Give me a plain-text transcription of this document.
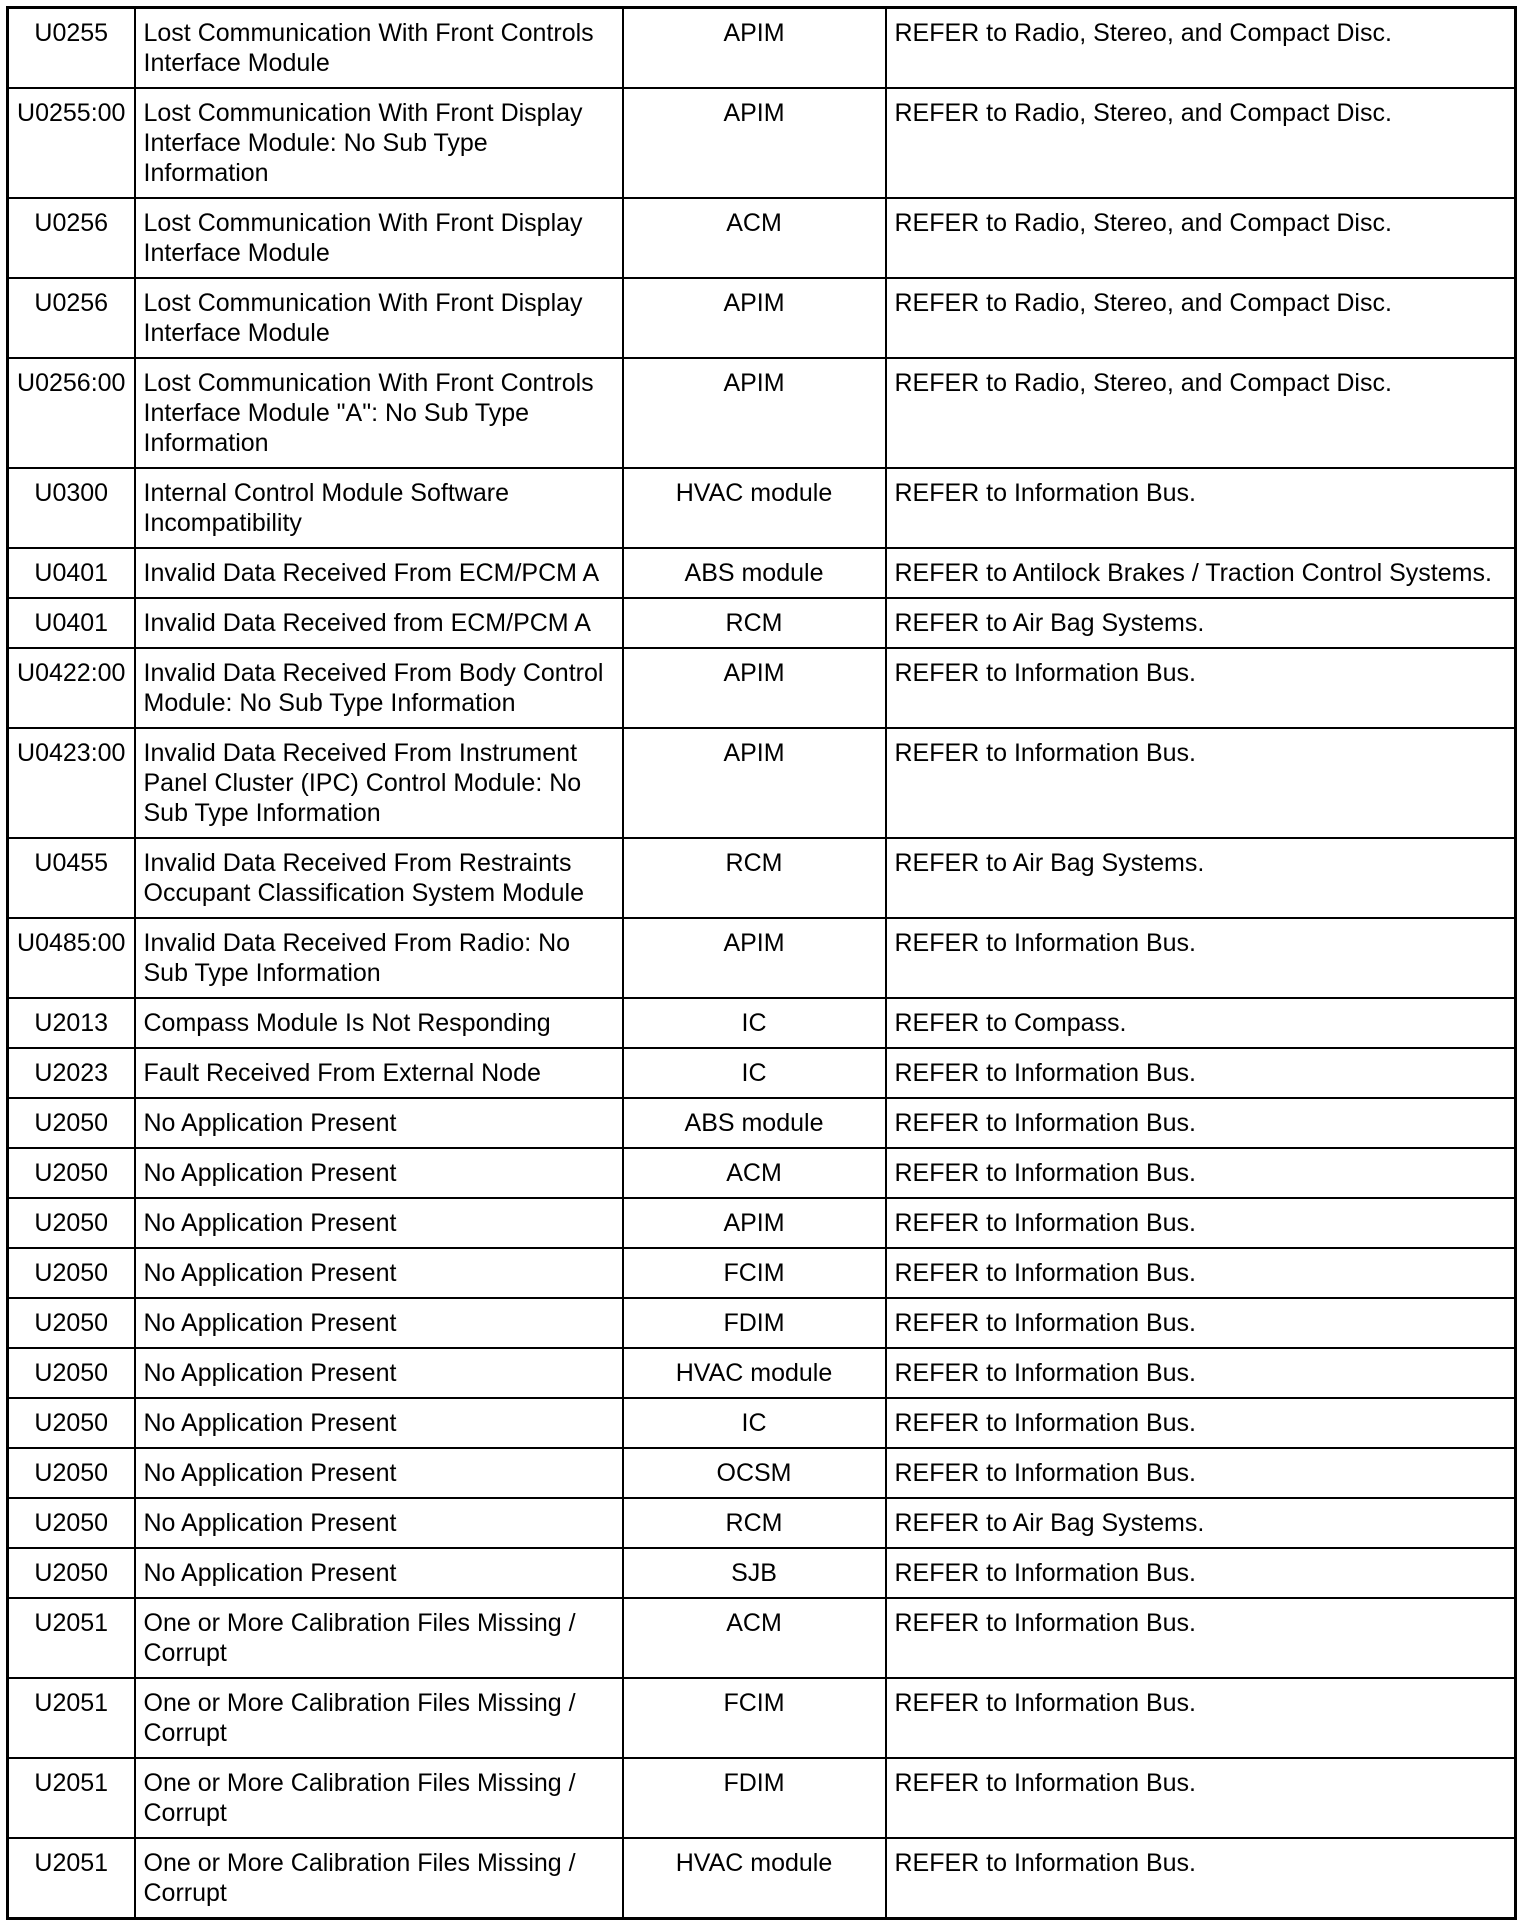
U0255	Lost Communication With Front Controls Interface Module	APIM	REFER to Radio, Stereo, and Compact Disc.
U0255:00	Lost Communication With Front Display Interface Module: No Sub Type Information	APIM	REFER to Radio, Stereo, and Compact Disc.
U0256	Lost Communication With Front Display Interface Module	ACM	REFER to Radio, Stereo, and Compact Disc.
U0256	Lost Communication With Front Display Interface Module	APIM	REFER to Radio, Stereo, and Compact Disc.
U0256:00	Lost Communication With Front Controls Interface Module "A": No Sub Type Information	APIM	REFER to Radio, Stereo, and Compact Disc.
U0300	Internal Control Module Software Incompatibility	HVAC module	REFER to Information Bus.
U0401	Invalid Data Received From ECM/PCM A	ABS module	REFER to Antilock Brakes / Traction Control Systems.
U0401	Invalid Data Received from ECM/PCM A	RCM	REFER to Air Bag Systems.
U0422:00	Invalid Data Received From Body Control Module: No Sub Type Information	APIM	REFER to Information Bus.
U0423:00	Invalid Data Received From Instrument Panel Cluster (IPC) Control Module: No Sub Type Information	APIM	REFER to Information Bus.
U0455	Invalid Data Received From Restraints Occupant Classification System Module	RCM	REFER to Air Bag Systems.
U0485:00	Invalid Data Received From Radio: No Sub Type Information	APIM	REFER to Information Bus.
U2013	Compass Module Is Not Responding	IC	REFER to Compass.
U2023	Fault Received From External Node	IC	REFER to Information Bus.
U2050	No Application Present	ABS module	REFER to Information Bus.
U2050	No Application Present	ACM	REFER to Information Bus.
U2050	No Application Present	APIM	REFER to Information Bus.
U2050	No Application Present	FCIM	REFER to Information Bus.
U2050	No Application Present	FDIM	REFER to Information Bus.
U2050	No Application Present	HVAC module	REFER to Information Bus.
U2050	No Application Present	IC	REFER to Information Bus.
U2050	No Application Present	OCSM	REFER to Information Bus.
U2050	No Application Present	RCM	REFER to Air Bag Systems.
U2050	No Application Present	SJB	REFER to Information Bus.
U2051	One or More Calibration Files Missing / Corrupt	ACM	REFER to Information Bus.
U2051	One or More Calibration Files Missing / Corrupt	FCIM	REFER to Information Bus.
U2051	One or More Calibration Files Missing / Corrupt	FDIM	REFER to Information Bus.
U2051	One or More Calibration Files Missing / Corrupt	HVAC module	REFER to Information Bus.
